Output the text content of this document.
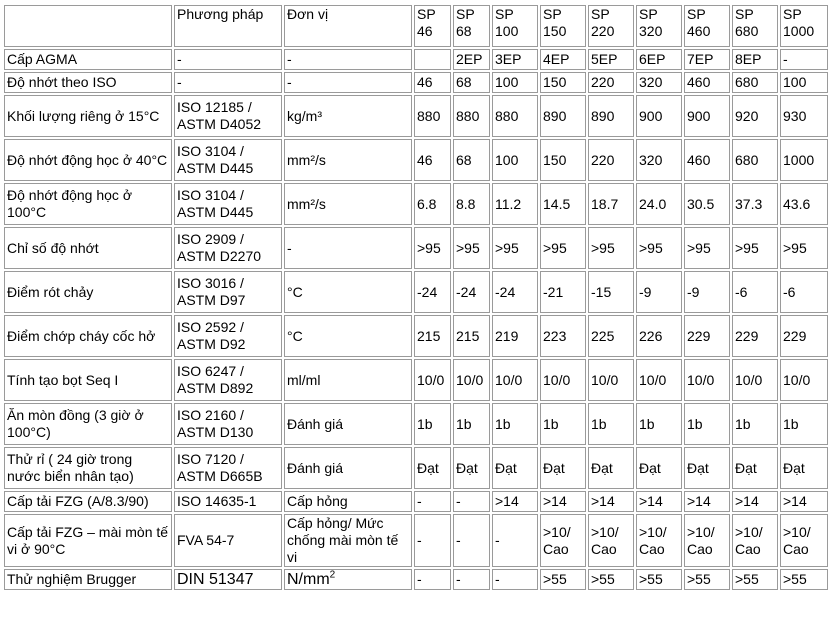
	Phương pháp	Đơn vị	SP 46	SP 68	SP 100	SP 150	SP 220	SP 320	SP 460	SP 680	SP 1000
Cấp AGMA	-	-		2EP	3EP	4EP	5EP	6EP	7EP	8EP	-
Độ nhớt theo ISO	-	-	46	68	100	150	220	320	460	680	100
Khối lượng riêng ở 15°C	ISO 12185 / ASTM D4052	kg/m³	880	880	880	890	890	900	900	920	930
Độ nhớt động học ở 40°C	ISO 3104 / ASTM D445	mm²/s	46	68	100	150	220	320	460	680	1000
Độ nhớt động học ở 100°C	ISO 3104 / ASTM D445	mm²/s	6.8	8.8	11.2	14.5	18.7	24.0	30.5	37.3	43.6
Chỉ số độ nhớt	ISO 2909 / ASTM D2270	-	>95	>95	>95	>95	>95	>95	>95	>95	>95
Điểm rót chảy	ISO 3016 / ASTM D97	°C	-24	-24	-24	-21	-15	-9	-9	-6	-6
Điểm chớp cháy cốc hở	ISO 2592 / ASTM D92	°C	215	215	219	223	225	226	229	229	229
Tính tạo bọt Seq I	ISO 6247 / ASTM D892	ml/ml	10/0	10/0	10/0	10/0	10/0	10/0	10/0	10/0	10/0
Ăn mòn đồng (3 giờ ở 100°C)	ISO 2160 / ASTM D130	Đánh giá	1b	1b	1b	1b	1b	1b	1b	1b	1b
Thử rỉ ( 24 giờ trong nước biển nhân tạo)	ISO 7120 / ASTM D665B	Đánh giá	Đạt	Đạt	Đạt	Đạt	Đạt	Đạt	Đạt	Đạt	Đạt
Cấp tải FZG (A/8.3/90)	ISO 14635-1	Cấp hỏng	-	-	>14	>14	>14	>14	>14	>14	>14
Cấp tải FZG – mài mòn tế vi ở 90°C	FVA 54-7	Cấp hỏng/ Mức chống mài mòn tế vi	-	-	-	>10/ Cao	>10/ Cao	>10/ Cao	>10/ Cao	>10/ Cao	>10/ Cao
Thử nghiệm Brugger	DIN 51347	$N/mm^2$	-	-	-	>55	>55	>55	>55	>55	>55
